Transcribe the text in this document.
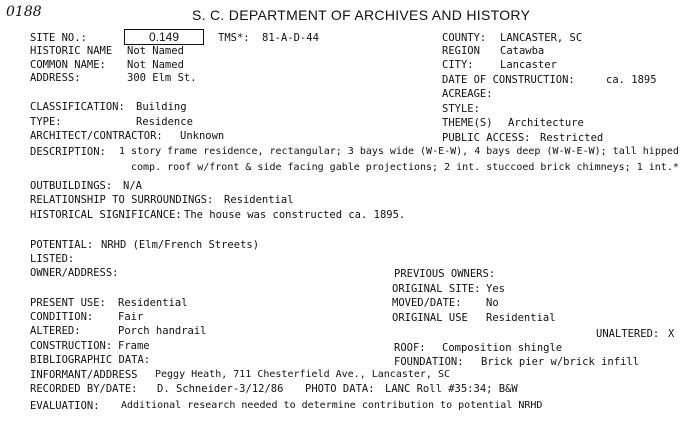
0188	S. C. DEPARTMENT OF ARCHIVES AND HISTORY
SITE NO.:	0.149	TMS*: 81-A-D-44	COUNTY: LANCASTER, SC
HISTORIC NAME Not Named	REGION Catawba
COMMON NAME: Not Named	CITY:	Lancaster
ADDRESS:	300 Elm St.	DATE OF CONSTRUCTION:	ca. 1895
ACREAGE:
CLASSIFICATION: Building	STYLE:
TYPE:	Residence	THEME(S) Architecture
ARCHITECT/CONTRACTOR: Unknown	PUBLIC ACCESS: Restricted
DESCRIPTION: 1 story frame residence, rectangular; 3 bays wide (W-E-W), 4 bays deep (W-W-E-W); tall hipped
comp. roof w/front & side facing gable projections; 2 int. stuccoed brick chimneys; 1 int.*
OUTBUILDINGS: N/A
RELATIONSHIP TO SURROUNDINGS: Residential
HISTORICAL SIGNIFICANCE: The house was constructed ca. 1895.
POTENTIAL: NRHD (Elm/French Streets)
LISTED:
OWNER/ADDRESS:	PREVIOUS OWNERS:
ORIGINAL SITE: Yes
PRESENT USE: Residential	MOVED/DATE: No
CONDITION: Fair	ORIGINAL USE Residential
ALTERED:	Porch handrail	UNALTERED: X
CONSTRUCTION: Frame	ROOF: Composition shingle
BIBLIOGRAPHIC DATA:	FOUNDATION: Brick pier w/brick infill
INFORMANT/ADDRESS Peggy Heath, 711 Chesterfield Ave., Lancaster, SC
RECORDED BY/DATE: D. Schneider-3/12/86 PHOTO DATA: LANC Roll #35:34; B&W
EVALUATION: Additional research needed to determine contribution to potential NRHD
